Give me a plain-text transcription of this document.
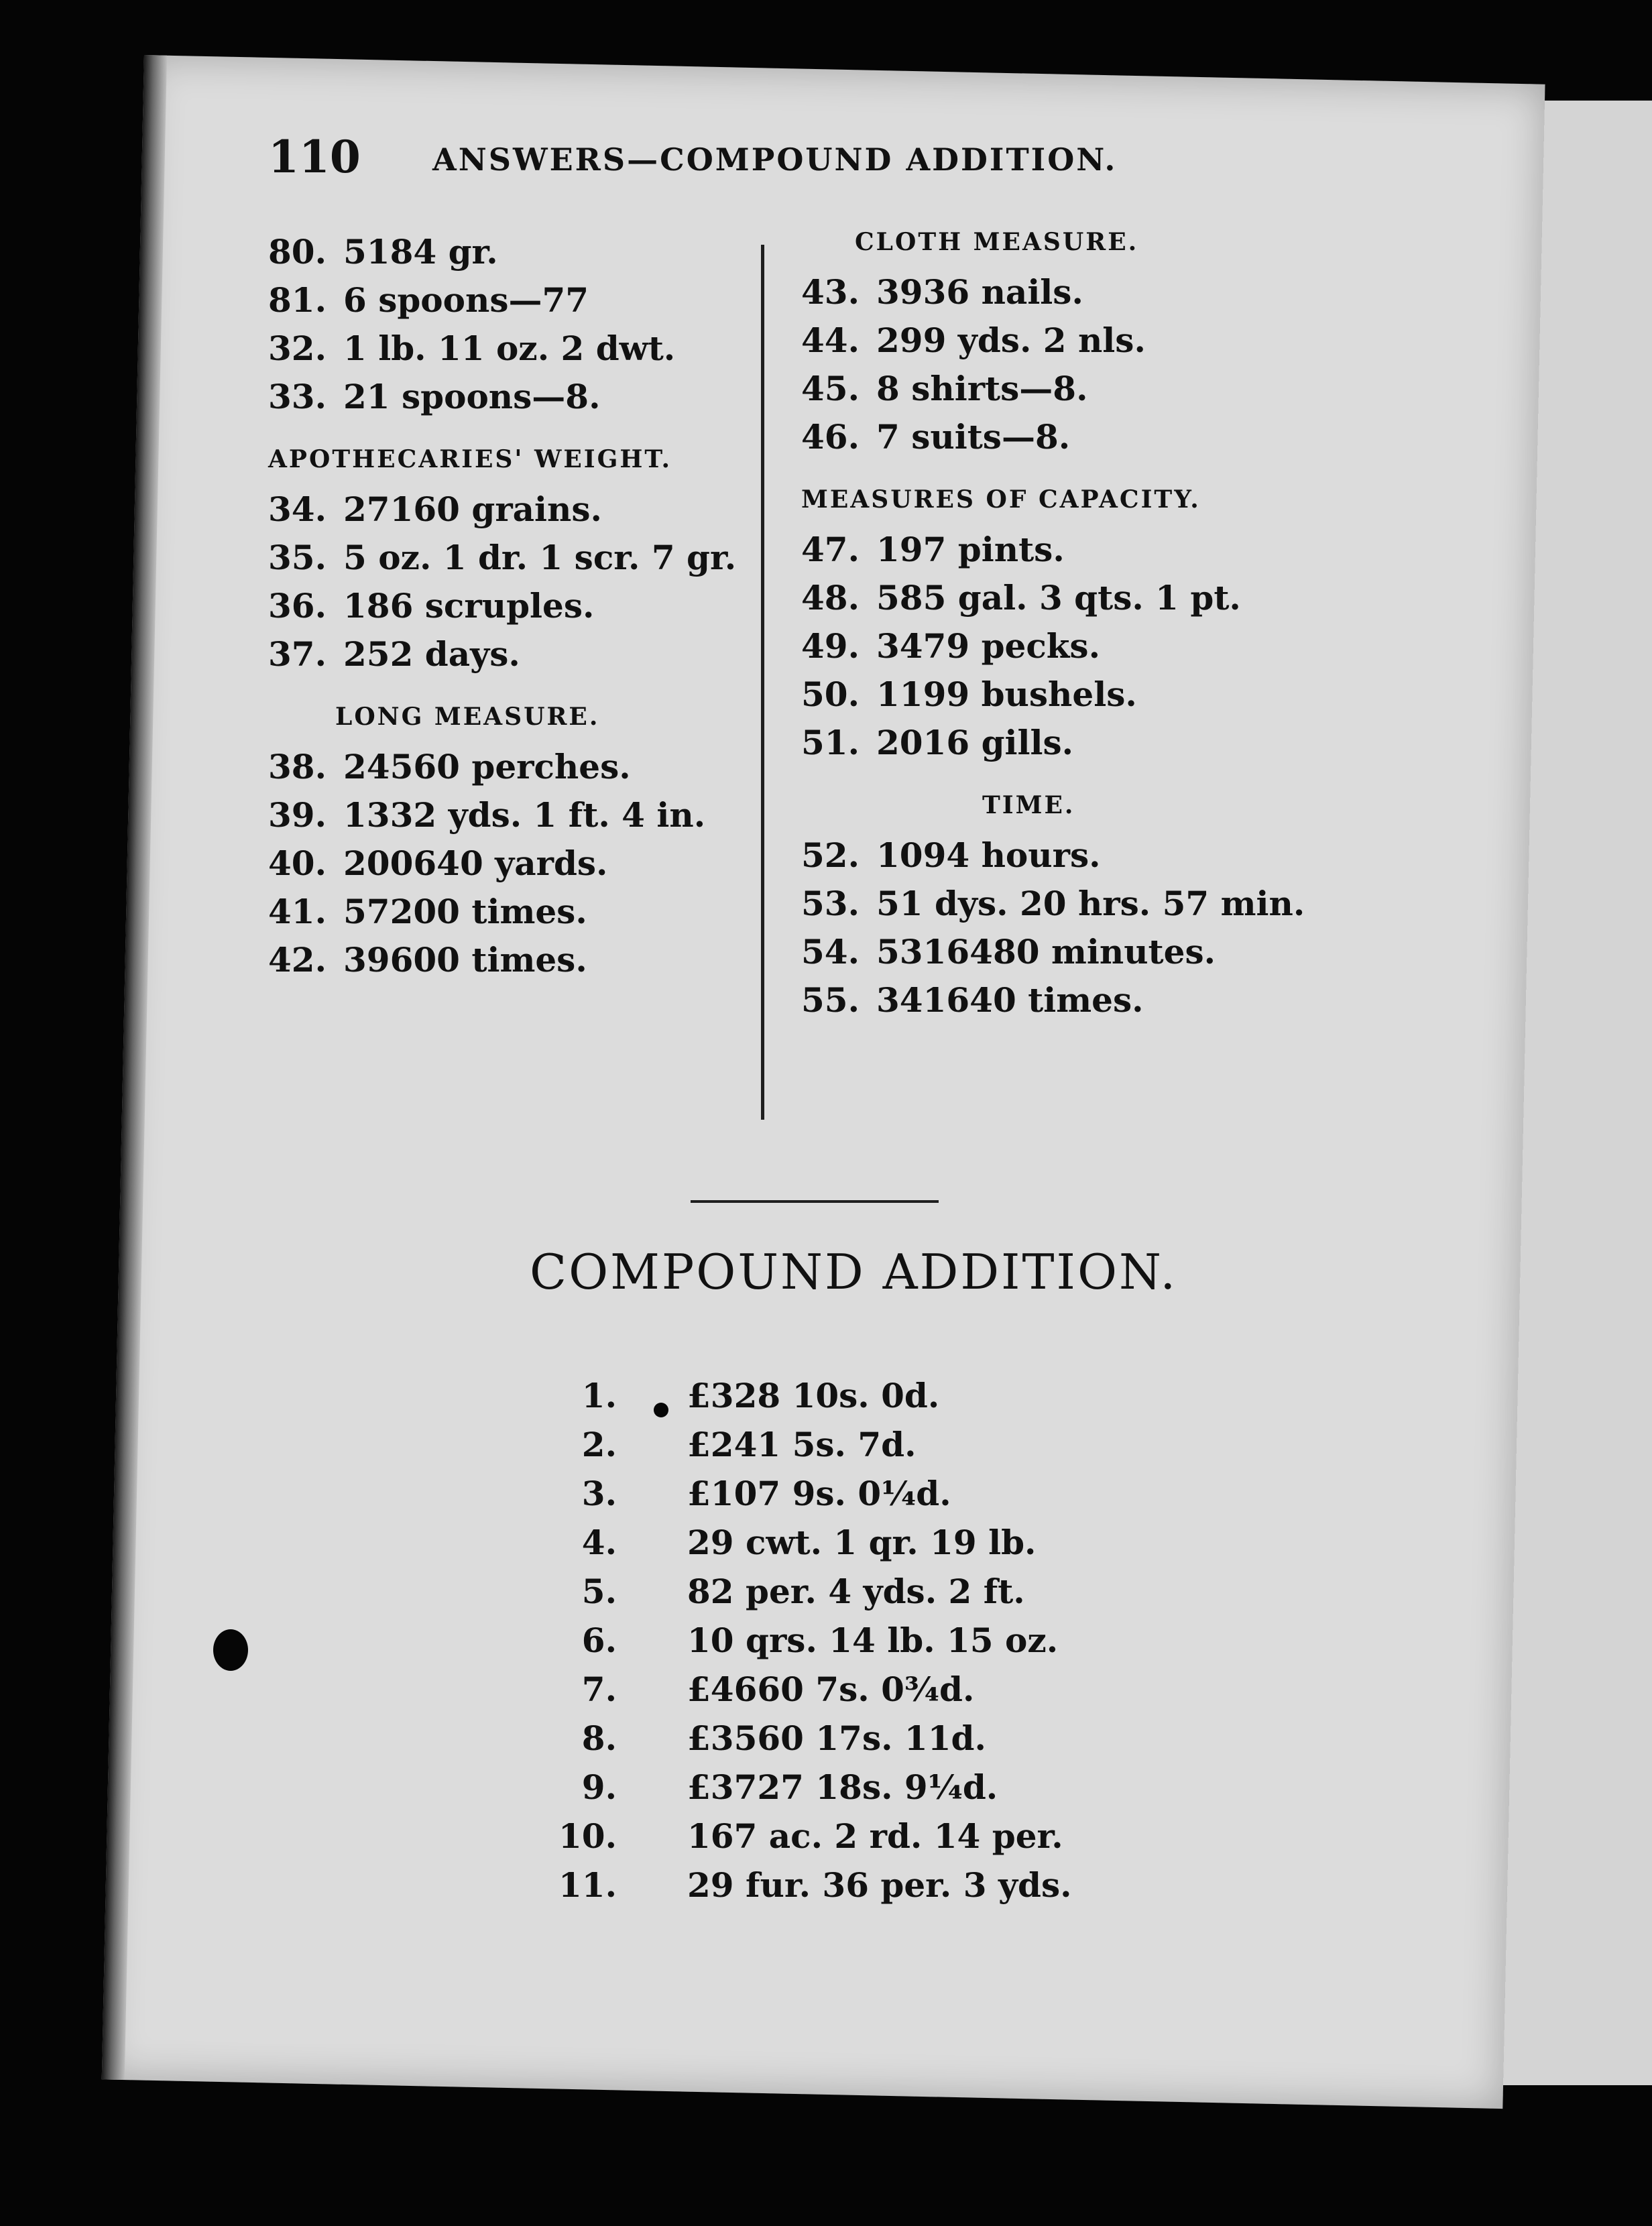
110 ANSWERS—COMPOUND ADDITION.
80. 5184 gr.
81. 6 spoons—77
32. 1 lb. 11 oz. 2 dwt.
33. 21 spoons—8.
APOTHECARIES' WEIGHT.
34. 27160 grains.
35. 5 oz. 1 dr. 1 scr. 7 gr.
36. 186 scruples.
37. 252 days.
LONG MEASURE.
38. 24560 perches.
39. 1332 yds. 1 ft. 4 in.
40. 200640 yards.
41. 57200 times.
42. 39600 times.
CLOTH MEASURE.
43. 3936 nails.
44. 299 yds. 2 nls.
45. 8 shirts—8.
46. 7 suits—8.
MEASURES OF CAPACITY.
47. 197 pints.
48. 585 gal. 3 qts. 1 pt.
49. 3479 pecks.
50. 1199 bushels.
51. 2016 gills.
TIME.
52. 1094 hours.
53. 51 dys. 20 hrs. 57 min.
54. 5316480 minutes.
55. 341640 times.
COMPOUND ADDITION.
1. £328 10s. 0d.
2. £241 5s. 7d.
3. £107 9s. 0¼d.
4. 29 cwt. 1 qr. 19 lb.
5. 82 per. 4 yds. 2 ft.
6. 10 qrs. 14 lb. 15 oz.
7. £4660 7s. 0¾d.
8. £3560 17s. 11d.
9. £3727 18s. 9¼d.
10. 167 ac. 2 rd. 14 per.
11. 29 fur. 36 per. 3 yds.
